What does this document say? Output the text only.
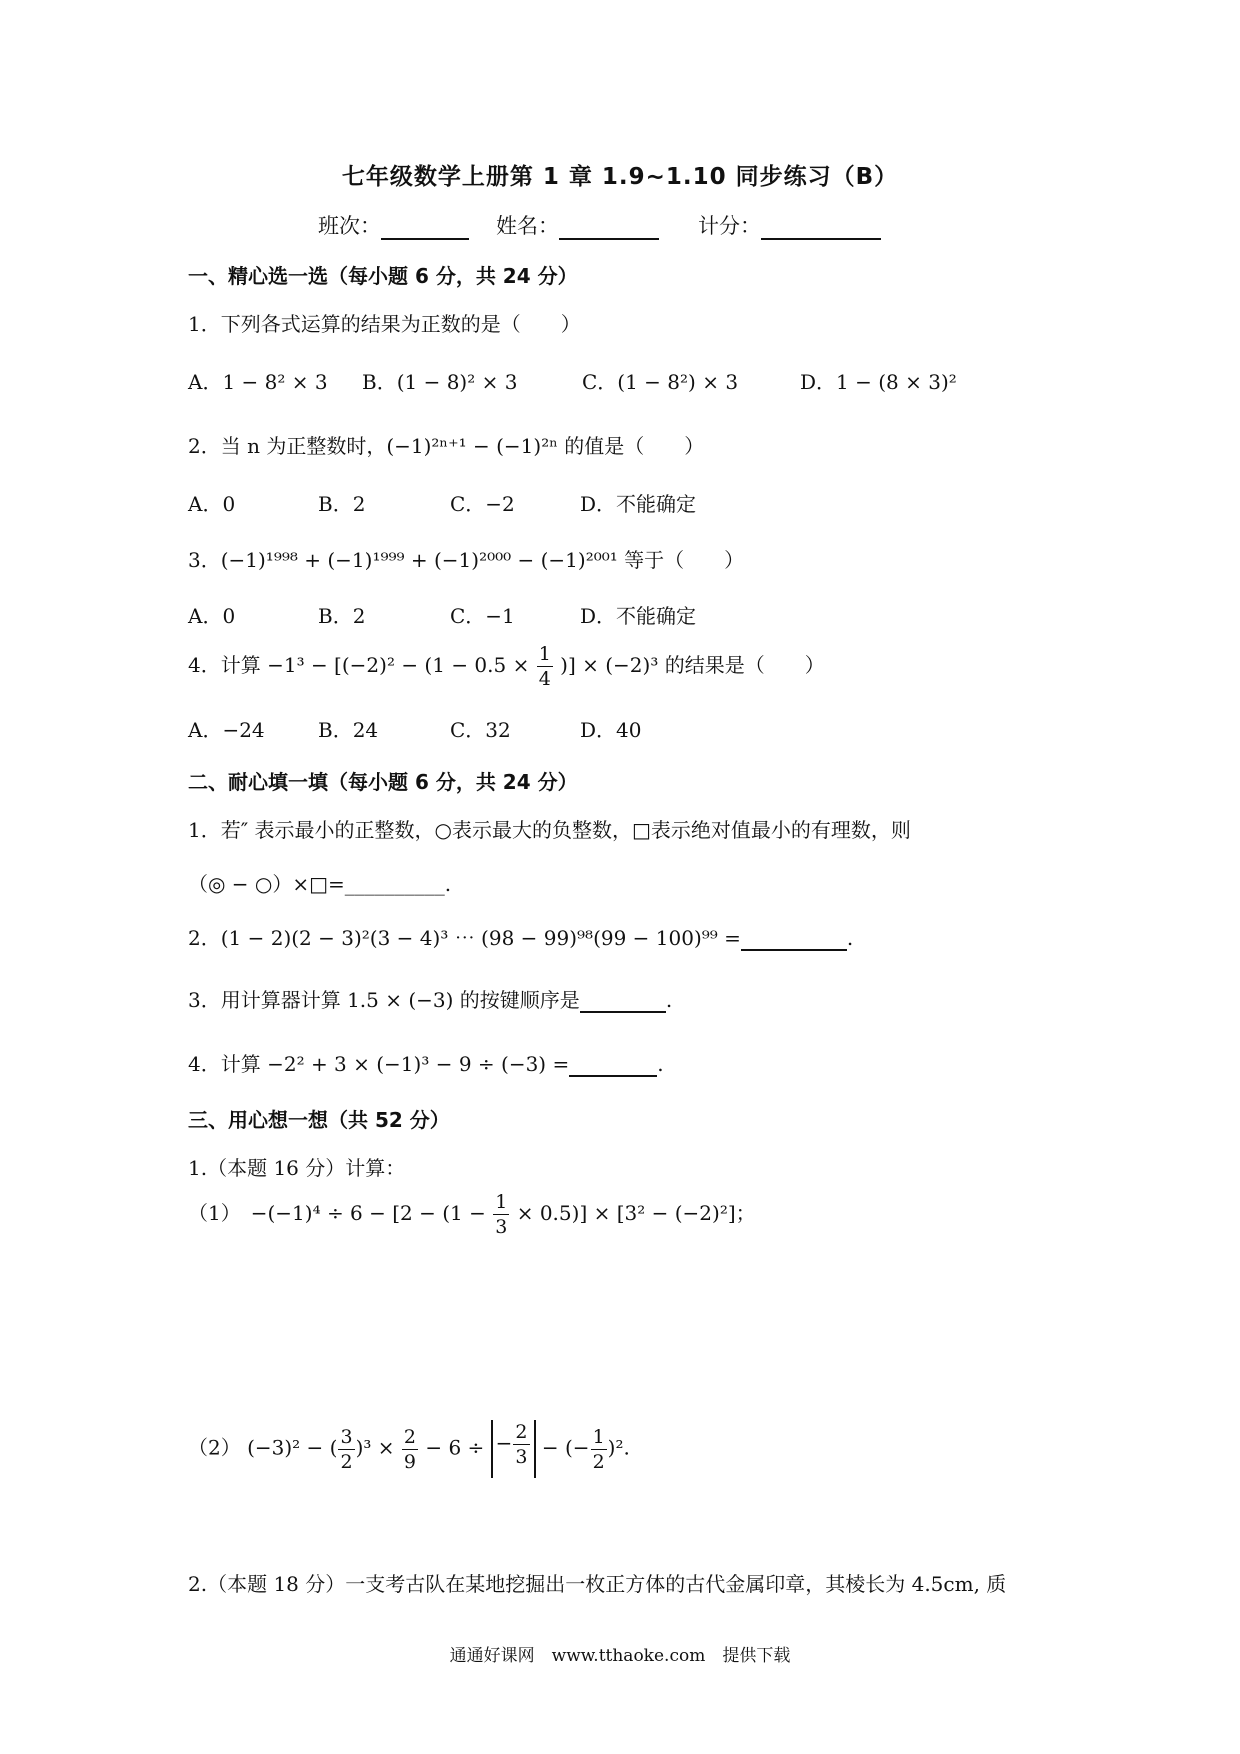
七年级数学上册第 1 章 1.9~1.10 同步练习（B）
班次：	姓名：	计分：
一、精心选一选（每小题 6 分，共 24 分）
1．下列各式运算的结果为正数的是（　　）
A．1 − 8² × 3 B．(1 − 8)² × 3	C．(1 − 8²) × 3	D．1 − (8 × 3)²
2．当 n 为正整数时，(−1)²ⁿ⁺¹ − (−1)²ⁿ 的值是（　　）
A．0	B．2	C．−2	D．不能确定
3．(−1)¹⁹⁹⁸ + (−1)¹⁹⁹⁹ + (−1)²⁰⁰⁰ − (−1)²⁰⁰¹ 等于（　　）
A．0	B．2	C．−1	D．不能确定
4．计算 $-1^3 - [(-2)^2 - (1 - 0.5 \times \frac{1}{4}$ )] × (−2)³ 的结果是（　　）
A．−24	B．24	C．32	D．40
二、耐心填一填（每小题 6 分，共 24 分）
1．若″ 表示最小的正整数，○表示最大的负整数，□表示绝对值最小的有理数，则
（◎ − ○）×□=__________.
2．(1 − 2)(2 − 3)²(3 − 4)³ ⋯ (98 − 99)⁹⁸(99 − 100)⁹⁹ =	.
3．用计算器计算 1.5 × (−3) 的按键顺序是	.
4．计算 −2² + 3 × (−1)³ − 9 ÷ (−3) =	.
三、用心想一想（共 52 分）
1.（本题 16 分）计算：
（1）　$-(-1)^4 \div 6 - [2 - (1 - \frac{1}{3} \times 0.5)] \times [3^2 - (-2)^2]$；
（2） (−3)² − ( $\frac{3}{2} )^3 \times \frac{2}{9} - 6$ ÷ − $\frac{2}{3}$ − (− $\frac{1}{2} )^2$.
2.（本题 18 分）一支考古队在某地挖掘出一枚正方体的古代金属印章，其棱长为 4.5cm, 质
通通好课网　www.tthaoke.com　提供下载
